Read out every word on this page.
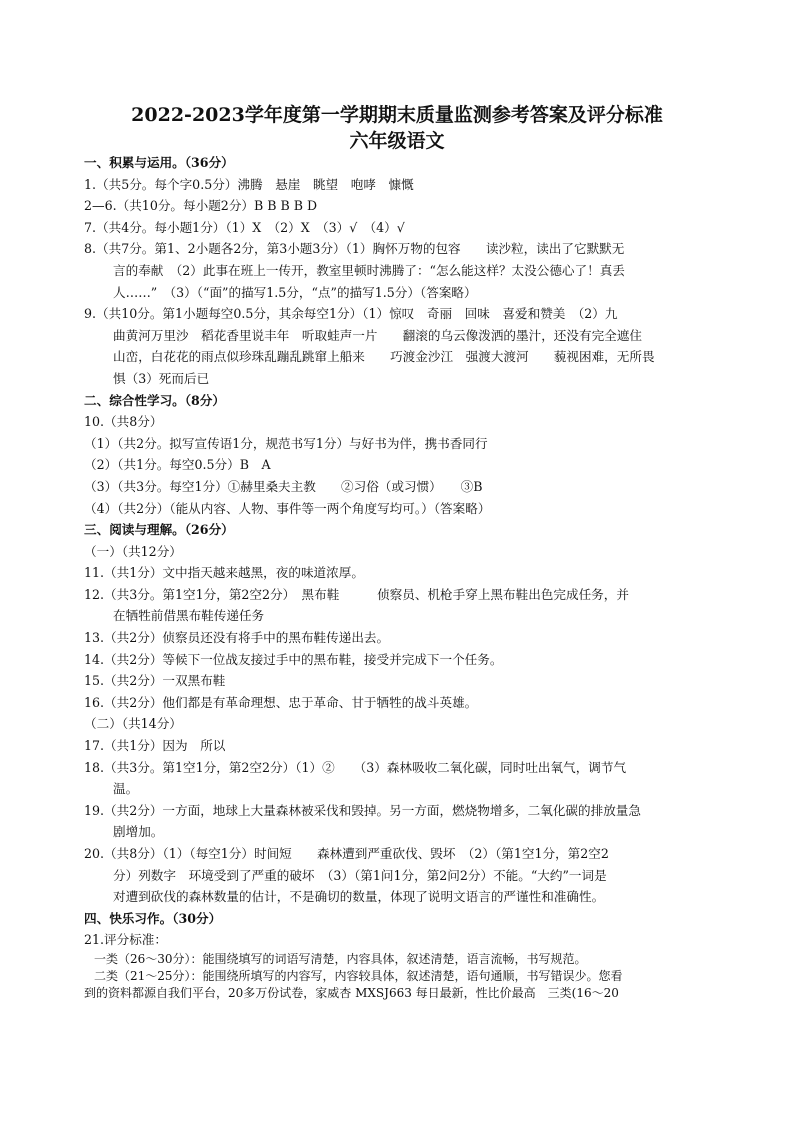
2022-2023学年度第一学期期末质量监测参考答案及评分标准
六年级语文
一、积累与运用。（36分）
1.（共5分。每个字0.5分）沸腾　悬崖　眺望　咆哮　慷慨
2—6.（共10分。每小题2分）B B B B D
7.（共4分。每小题1分）（1）X　（2）X　（3）√　（4）√
8.（共7分。第1、2小题各2分，第3小题3分）（1）胸怀万物的包容　　读沙粒，读出了它默默无
言的奉献　（2）此事在班上一传开，教室里顿时沸腾了：“怎么能这样？太没公德心了！真丢
人……”　（3）（“面”的描写1.5分，“点”的描写1.5分）（答案略）
9.（共10分。第1小题每空0.5分，其余每空1分）（1）惊叹　奇丽　回味　喜爱和赞美　（2）九
曲黄河万里沙　稻花香里说丰年　听取蛙声一片　　翻滚的乌云像泼洒的墨汁，还没有完全遮住
山峦，白花花的雨点似珍珠乱蹦乱跳窜上船来　　巧渡金沙江　强渡大渡河　　藐视困难，无所畏
惧（3）死而后已
二、综合性学习。（8分）
10.（共8分）
（1）（共2分。拟写宣传语1分，规范书写1分）与好书为伴，携书香同行
（2）（共1分。每空0.5分）B　A
（3）（共3分。每空1分）①赫里桑夫主教　　②习俗（或习惯）　　③B
（4）（共2分）（能从内容、人物、事件等一两个角度写均可。）（答案略）
三、阅读与理解。（26分）
（一）（共12分）
11.（共1分）文中指天越来越黑，夜的味道浓厚。
12.（共3分。第1空1分，第2空2分）　黑布鞋　　　侦察员、机枪手穿上黑布鞋出色完成任务，并
在牺牲前借黑布鞋传递任务
13.（共2分）侦察员还没有将手中的黑布鞋传递出去。
14.（共2分）等候下一位战友接过手中的黑布鞋，接受并完成下一个任务。
15.（共2分）一双黑布鞋
16.（共2分）他们都是有革命理想、忠于革命、甘于牺牲的战斗英雄。
（二）（共14分）
17.（共1分）因为　所以
18.（共3分。第1空1分，第2空2分）（1）②　　（3）森林吸收二氧化碳，同时吐出氧气，调节气
温。
19.（共2分）一方面，地球上大量森林被采伐和毁掉。另一方面，燃烧物增多，二氧化碳的排放量急
剧增加。
20.（共8分）（1）（每空1分）时间短　　森林遭到严重砍伐、毁坏　（2）（第1空1分，第2空2
分）列数字　环境受到了严重的破坏　（3）（第1问1分，第2问2分）不能。“大约”一词是
对遭到砍伐的森林数量的估计，不是确切的数量，体现了说明文语言的严谨性和准确性。
四、快乐习作。（30分）
21.评分标准：
一类（26～30分）：能围绕填写的词语写清楚，内容具体，叙述清楚，语言流畅，书写规范。
二类（21～25分）：能围绕所填写的内容写，内容较具体，叙述清楚，语句通顺，书写错误少。您看
到的资料都源自我们平台，20多万份试卷，家威杏 MXSJ663 每日最新，性比价最高　三类(16～20
